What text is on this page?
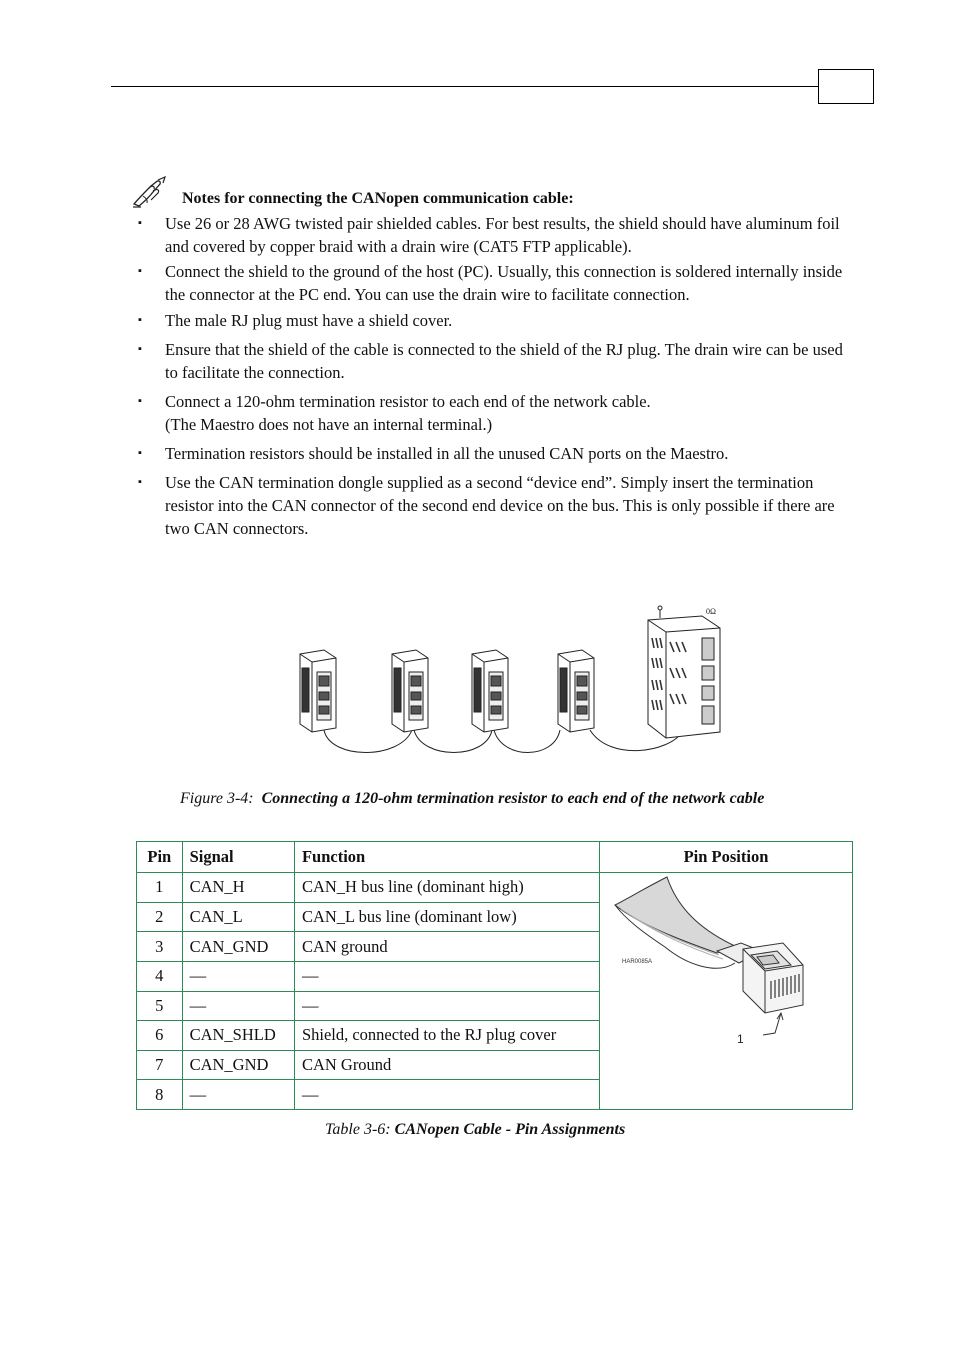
Notes for connecting the CANopen communication cable:
▪ Use 26 or 28 AWG twisted pair shielded cables. For best results, the shield should have aluminum foil and covered by copper braid with a drain wire (CAT5 FTP applicable).
▪ Connect the shield to the ground of the host (PC). Usually, this connection is soldered internally inside the connector at the PC end. You can use the drain wire to facilitate connection.
▪ The male RJ plug must have a shield cover.
▪ Ensure that the shield of the cable is connected to the shield of the RJ plug. The drain wire can be used to facilitate the connection.
▪ Connect a 120-ohm termination resistor to each end of the network cable.
(The Maestro does not have an internal terminal.)
▪ Termination resistors should be installed in all the unused CAN ports on the Maestro.
▪ Use the CAN termination dongle supplied as a second “device end”. Simply insert the termination resistor into the CAN connector of the second end device on the bus. This is only possible if there are two CAN connectors.
0Ω
Figure 3-4: Connecting a 120-ohm termination resistor to each end of the network cable
Pin	Signal	Function	Pin Position
1	CAN_H	CAN_H bus line (dominant high)	HAR0085A
1

2	CAN_L	CAN_L bus line (dominant low)	
3	CAN_GND	CAN ground	
4	—	—	
5	—	—	
6	CAN_SHLD	Shield, connected to the RJ plug cover	
7	CAN_GND	CAN Ground	
8	—	—	
Table 3-6: CANopen Cable - Pin Assignments
